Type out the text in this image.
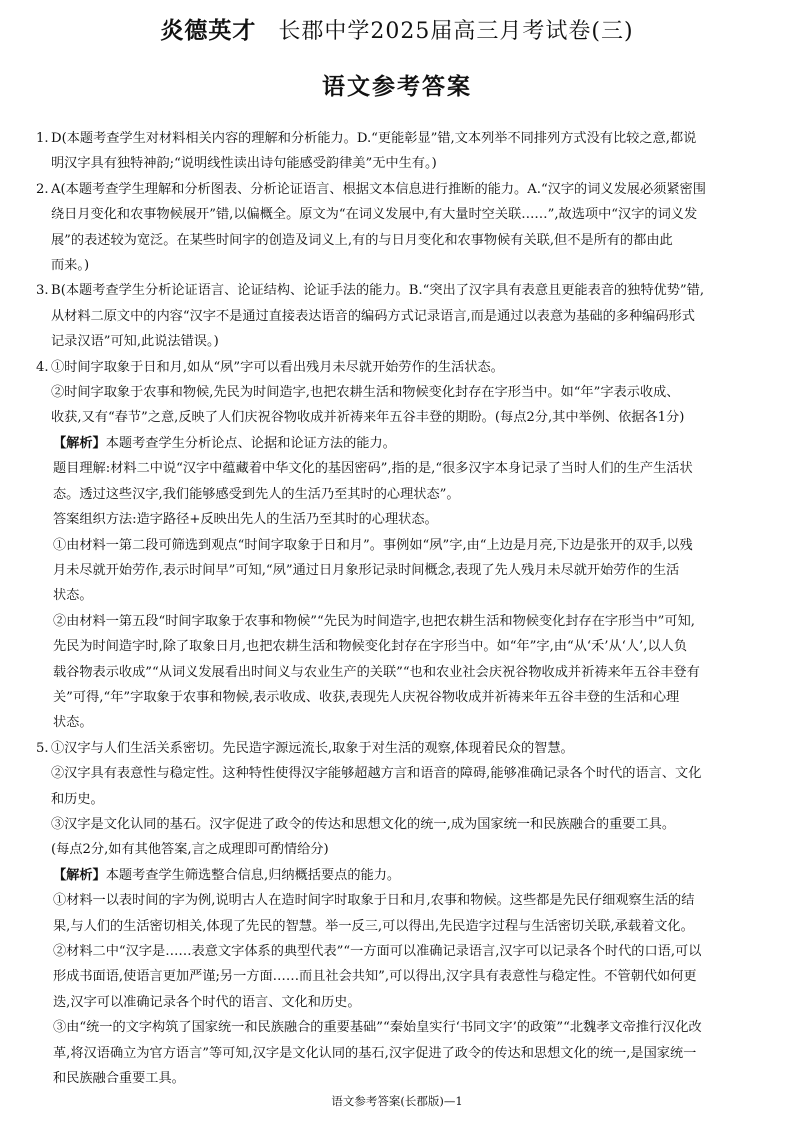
炎德英才 长郡中学2025届高三月考试卷(三)
语文参考答案
1. D(本题考查学生对材料相关内容的理解和分析能力。D.“更能彰显”错,文本列举不同排列方式没有比较之意,都说
明汉字具有独特神韵;“说明线性读出诗句能感受韵律美”无中生有。)
2. A(本题考查学生理解和分析图表、分析论证语言、根据文本信息进行推断的能力。A.“汉字的词义发展必须紧密围
绕日月变化和农事物候展开”错,以偏概全。原文为“在词义发展中,有大量时空关联……”,故选项中“汉字的词义发
展”的表述较为宽泛。在某些时间字的创造及词义上,有的与日月变化和农事物候有关联,但不是所有的都由此
而来。)
3. B(本题考查学生分析论证语言、论证结构、论证手法的能力。B.“突出了汉字具有表意且更能表音的独特优势”错,
从材料二原文中的内容“汉字不是通过直接表达语音的编码方式记录语言,而是通过以表意为基础的多种编码形式
记录汉语”可知,此说法错误。)
4. ①时间字取象于日和月,如从“夙”字可以看出残月未尽就开始劳作的生活状态。
②时间字取象于农事和物候,先民为时间造字,也把农耕生活和物候变化封存在字形当中。如“年”字表示收成、
收获,又有“春节”之意,反映了人们庆祝谷物收成并祈祷来年五谷丰登的期盼。(每点2分,其中举例、依据各1分)
【解析】本题考查学生分析论点、论据和论证方法的能力。
题目理解:材料二中说“汉字中蕴藏着中华文化的基因密码”,指的是,“很多汉字本身记录了当时人们的生产生活状
态。透过这些汉字,我们能够感受到先人的生活乃至其时的心理状态”。
答案组织方法:造字路径+反映出先人的生活乃至其时的心理状态。
①由材料一第二段可筛选到观点“时间字取象于日和月”。事例如“夙”字,由“上边是月亮,下边是张开的双手,以残
月未尽就开始劳作,表示时间早”可知,“夙”通过日月象形记录时间概念,表现了先人残月未尽就开始劳作的生活
状态。
②由材料一第五段“时间字取象于农事和物候”“先民为时间造字,也把农耕生活和物候变化封存在字形当中”可知,
先民为时间造字时,除了取象日月,也把农耕生活和物候变化封存在字形当中。如“年”字,由“从‘禾’从‘人’,以人负
载谷物表示收成”“从词义发展看出时间义与农业生产的关联”“也和农业社会庆祝谷物收成并祈祷来年五谷丰登有
关”可得,“年”字取象于农事和物候,表示收成、收获,表现先人庆祝谷物收成并祈祷来年五谷丰登的生活和心理
状态。
5. ①汉字与人们生活关系密切。先民造字源远流长,取象于对生活的观察,体现着民众的智慧。
②汉字具有表意性与稳定性。这种特性使得汉字能够超越方言和语音的障碍,能够准确记录各个时代的语言、文化
和历史。
③汉字是文化认同的基石。汉字促进了政令的传达和思想文化的统一,成为国家统一和民族融合的重要工具。
(每点2分,如有其他答案,言之成理即可酌情给分)
【解析】本题考查学生筛选整合信息,归纳概括要点的能力。
①材料一以表时间的字为例,说明古人在造时间字时取象于日和月,农事和物候。这些都是先民仔细观察生活的结
果,与人们的生活密切相关,体现了先民的智慧。举一反三,可以得出,先民造字过程与生活密切关联,承载着文化。
②材料二中“汉字是……表意文字体系的典型代表”“一方面可以准确记录语言,汉字可以记录各个时代的口语,可以
形成书面语,使语言更加严谨;另一方面……而且社会共知”,可以得出,汉字具有表意性与稳定性。不管朝代如何更
迭,汉字可以准确记录各个时代的语言、文化和历史。
③由“统一的文字构筑了国家统一和民族融合的重要基础”“秦始皇实行‘书同文字’的政策”“北魏孝文帝推行汉化改
革,将汉语确立为官方语言”等可知,汉字是文化认同的基石,汉字促进了政令的传达和思想文化的统一,是国家统一
和民族融合重要工具。
语文参考答案(长郡版)—1
